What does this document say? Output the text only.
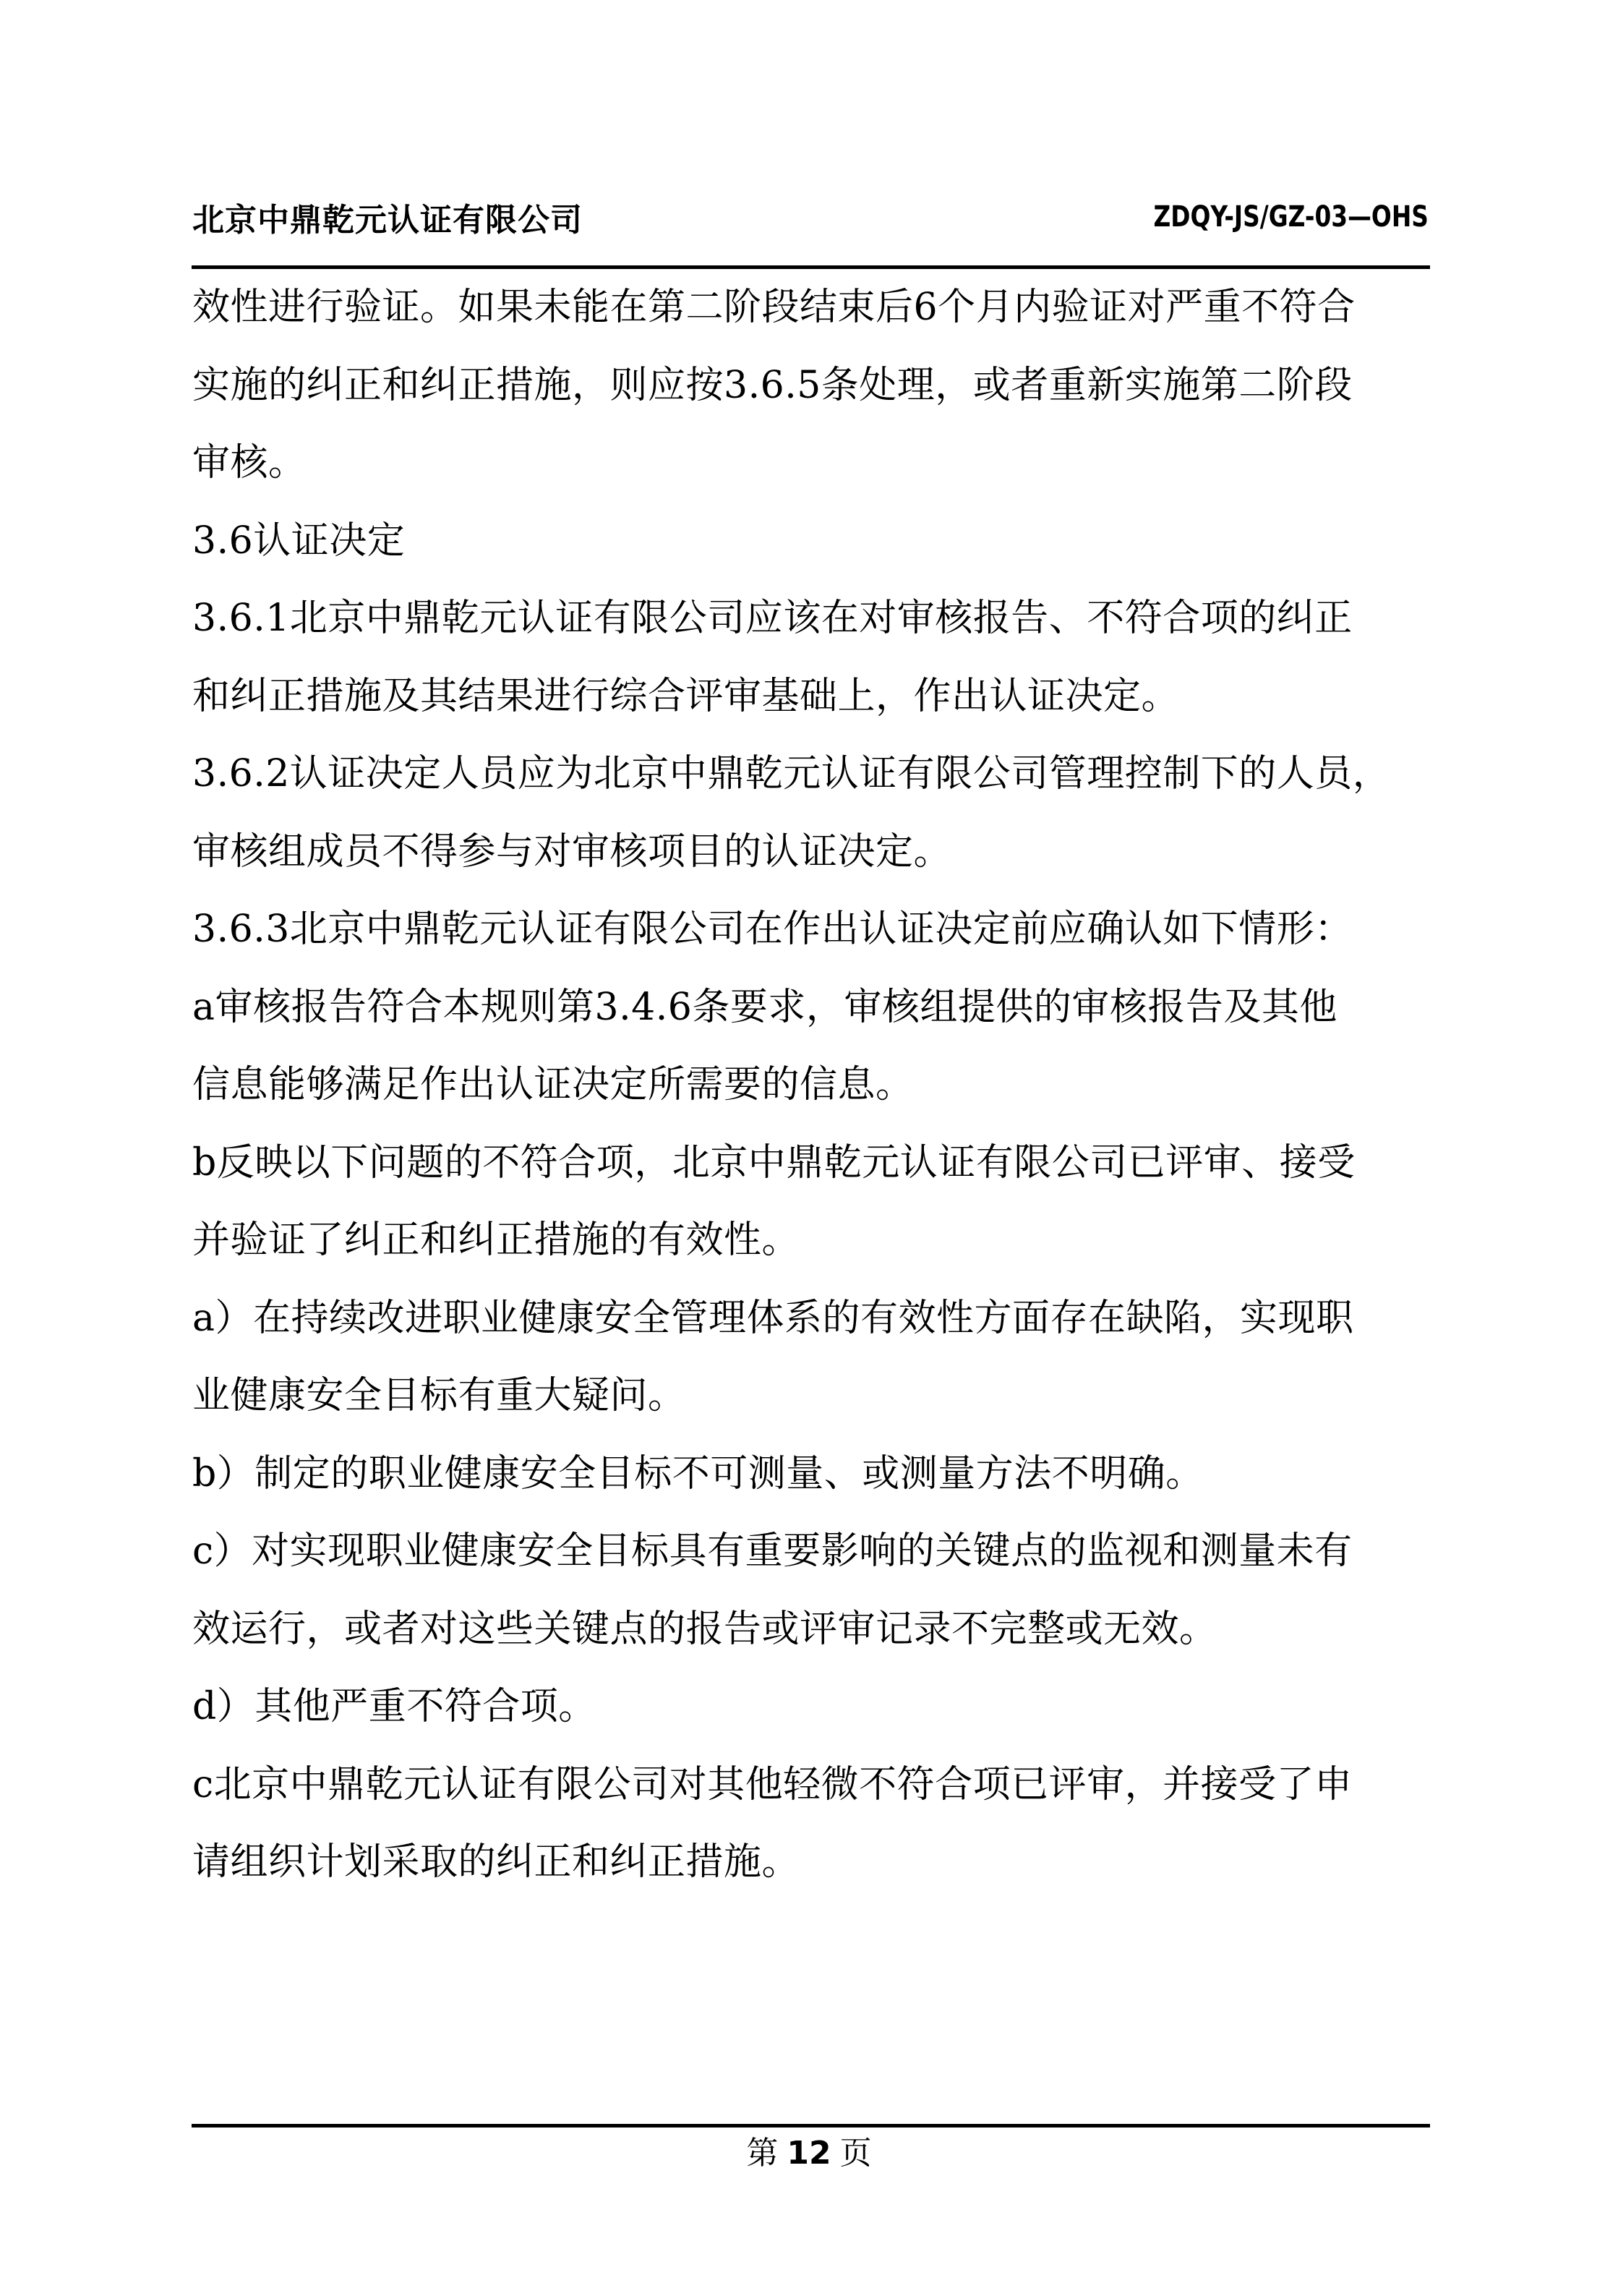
北京中鼎乾元认证有限公司	ZDQY-JS/GZ-03—OHS
效性进行验证。如果未能在第二阶段结束后6个月内验证对严重不符合
实施的纠正和纠正措施，则应按3.6.5条处理，或者重新实施第二阶段
审核。
3.6认证决定
3.6.1北京中鼎乾元认证有限公司应该在对审核报告、不符合项的纠正
和纠正措施及其结果进行综合评审基础上，作出认证决定。
3.6.2认证决定人员应为北京中鼎乾元认证有限公司管理控制下的人员，
审核组成员不得参与对审核项目的认证决定。
3.6.3北京中鼎乾元认证有限公司在作出认证决定前应确认如下情形：
a审核报告符合本规则第3.4.6条要求，审核组提供的审核报告及其他
信息能够满足作出认证决定所需要的信息。
b反映以下问题的不符合项，北京中鼎乾元认证有限公司已评审、接受
并验证了纠正和纠正措施的有效性。
a）在持续改进职业健康安全管理体系的有效性方面存在缺陷，实现职
业健康安全目标有重大疑问。
b）制定的职业健康安全目标不可测量、或测量方法不明确。
c）对实现职业健康安全目标具有重要影响的关键点的监视和测量未有
效运行，或者对这些关键点的报告或评审记录不完整或无效。
d）其他严重不符合项。
c北京中鼎乾元认证有限公司对其他轻微不符合项已评审，并接受了申
请组织计划采取的纠正和纠正措施。
第 12 页
